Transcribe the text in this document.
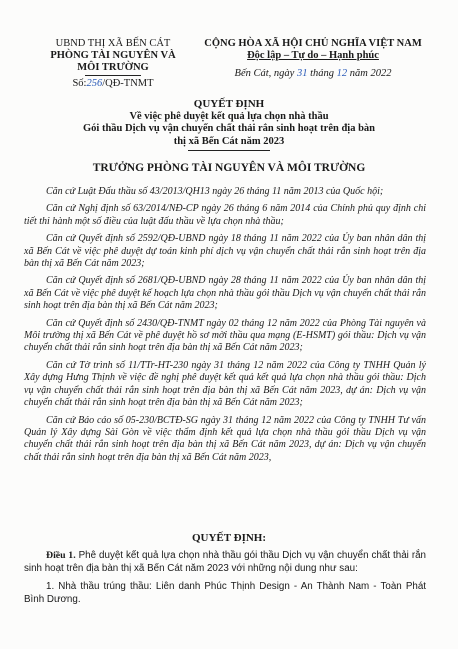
UBND THỊ XÃ BẾN CÁT
PHÒNG TÀI NGUYÊN VÀ
MÔI TRƯỜNG
Số:256/QĐ-TNMT
CỘNG HÒA XÃ HỘI CHỦ NGHĨA VIỆT NAM
Độc lập – Tự do – Hạnh phúc
Bến Cát, ngày 31 tháng 12 năm 2022
QUYẾT ĐỊNH
Về việc phê duyệt kết quả lựa chọn nhà thầu
Gói thầu Dịch vụ vận chuyển chất thải rắn sinh hoạt trên địa bàn
thị xã Bến Cát năm 2023
TRƯỞNG PHÒNG TÀI NGUYÊN VÀ MÔI TRƯỜNG

Căn cứ Luật Đấu thầu số 43/2013/QH13 ngày 26 tháng 11 năm 2013 của Quốc hội;

Căn cứ Nghị định số 63/2014/NĐ-CP ngày 26 tháng 6 năm 2014 của Chính phủ quy định chi tiết thi hành một số điều của luật đấu thầu về lựa chọn nhà thầu;

Căn cứ Quyết định số 2592/QĐ-UBND ngày 18 tháng 11 năm 2022 của Ủy ban nhân dân thị xã Bến Cát về việc phê duyệt dự toán kinh phí dịch vụ vận chuyển chất thải rắn sinh hoạt trên địa bàn thị xã Bến Cát năm 2023;

Căn cứ Quyết định số 2681/QĐ-UBND ngày 28 tháng 11 năm 2022 của Ủy ban nhân dân thị xã Bến Cát về việc phê duyệt kế hoạch lựa chọn nhà thầu gói thầu Dịch vụ vận chuyển chất thải rắn sinh hoạt trên địa bàn thị xã Bến Cát năm 2023;

Căn cứ Quyết định số 2430/QĐ-TNMT ngày 02 tháng 12 năm 2022 của Phòng Tài nguyên và Môi trường thị xã Bến Cát về phê duyệt hồ sơ mời thầu qua mạng (E-HSMT) gói thầu: Dịch vụ vận chuyển chất thải rắn sinh hoạt trên địa bàn thị xã Bến Cát năm 2023;

Căn cứ Tờ trình số 11/TTr-HT-230 ngày 31 tháng 12 năm 2022 của Công ty TNHH Quản lý Xây dựng Hưng Thịnh về việc đề nghị phê duyệt kết quả kết quả lựa chọn nhà thầu gói thầu: Dịch vụ vận chuyển chất thải rắn sinh hoạt trên địa bàn thị xã Bến Cát năm 2023, dự án: Dịch vụ vận chuyển chất thải rắn sinh hoạt trên địa bàn thị xã Bến Cát năm 2023;

Căn cứ Báo cáo số 05-230/BCTĐ-SG ngày 31 tháng 12 năm 2022 của Công ty TNHH Tư vấn Quản lý Xây dựng Sài Gòn về việc thẩm định kết quả lựa chọn nhà thầu gói thầu Dịch vụ vận chuyển chất thải rắn sinh hoạt trên địa bàn thị xã Bến Cát năm 2023, dự án: Dịch vụ vận chuyển chất thải rắn sinh hoạt trên địa bàn thị xã Bến Cát năm 2023,

QUYẾT ĐỊNH:

Điều 1. Phê duyệt kết quả lựa chọn nhà thầu gói thầu Dịch vụ vận chuyển chất thải rắn sinh hoạt trên địa bàn thị xã Bến Cát năm 2023 với những nội dung như sau:

1. Nhà thầu trúng thầu: Liên danh Phúc Thịnh Design - An Thành Nam - Toàn Phát Bình Dương.
